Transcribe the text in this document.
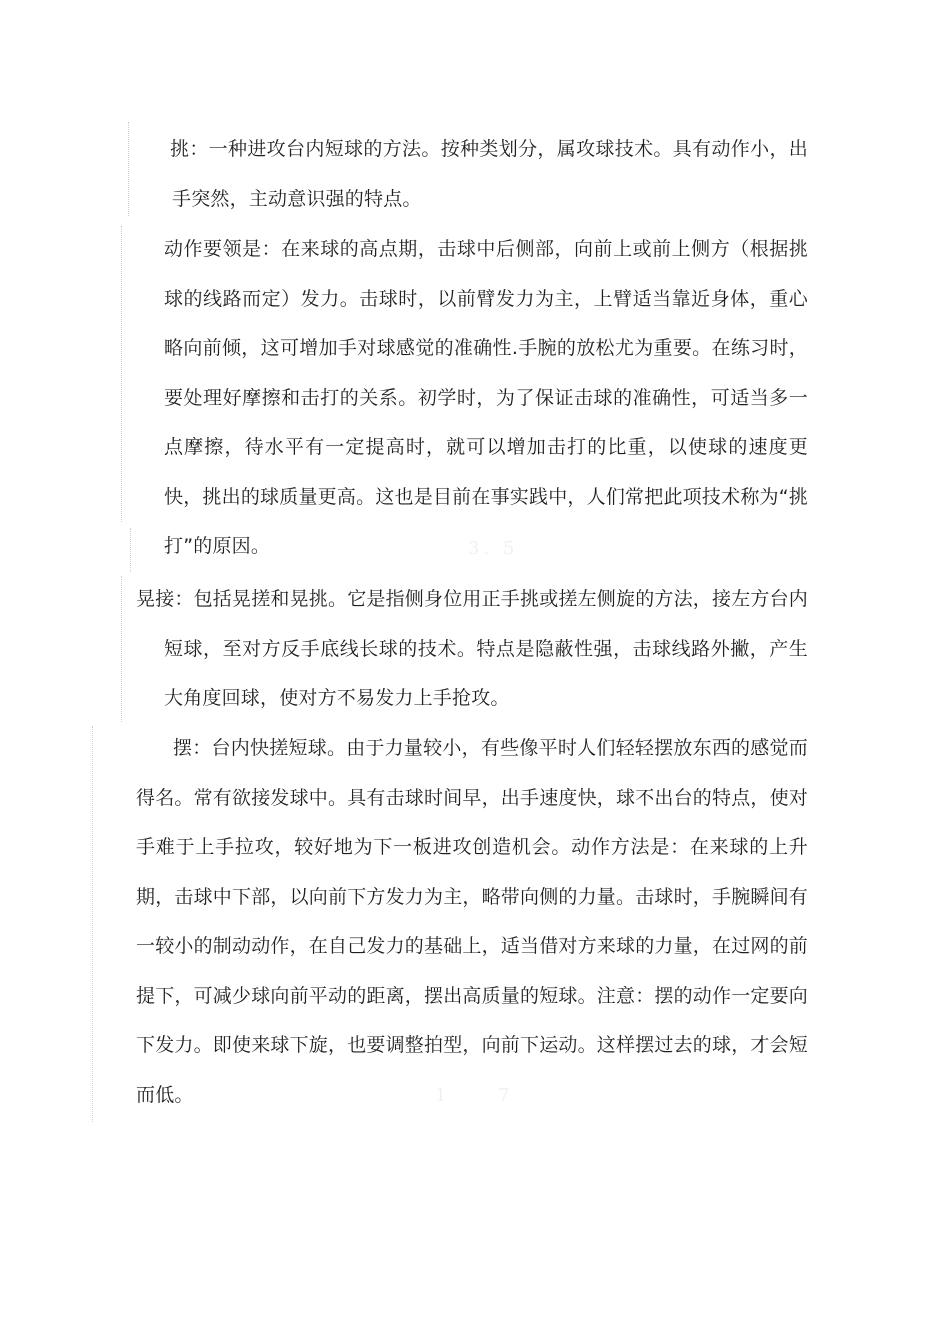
挑：一种进攻台内短球的方法。按种类划分，属攻球技术。具有动作小，出手突然，主动意识强的特点。

动作要领是：在来球的高点期，击球中后侧部，向前上或前上侧方（根据挑球的线路而定）发力。击球时，以前臂发力为主，上臂适当靠近身体，重心略向前倾，这可增加手对球感觉的准确性.手腕的放松尤为重要。在练习时，要处理好摩擦和击打的关系。初学时，为了保证击球的准确性，可适当多一点摩擦，待水平有一定提高时，就可以增加击打的比重，以使球的速度更快，挑出的球质量更高。这也是目前在事实践中，人们常把此项技术称为“挑打”的原因。	3. 5

晃接：包括晃搓和晃挑。它是指侧身位用正手挑或搓左侧旋的方法，接左方台内短球，至对方反手底线长球的技术。特点是隐蔽性强，击球线路外撇，产生大角度回球，使对方不易发力上手抢攻。

摆：台内快搓短球。由于力量较小，有些像平时人们轻轻摆放东西的感觉而得名。常有欲接发球中。具有击球时间早，出手速度快，球不出台的特点，使对手难于上手拉攻，较好地为下一板进攻创造机会。动作方法是：在来球的上升期，击球中下部，以向前下方发力为主，略带向侧的力量。击球时，手腕瞬间有一较小的制动动作，在自己发力的基础上，适当借对方来球的力量，在过网的前提下，可减少球向前平动的距离，摆出高质量的短球。注意：摆的动作一定要向下发力。即使来球下旋，也要调整拍型，向前下运动。这样摆过去的球，才会短而低。	1	7
